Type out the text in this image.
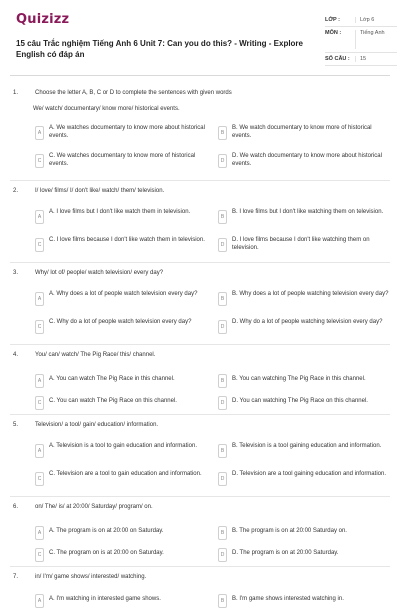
Quizizz
15 câu Trắc nghiệm Tiếng Anh 6 Unit 7: Can you do this? - Writing - Explore English có đáp án
LỚP :	Lớp 6
MÔN :	Tiếng Anh
SỐ CÂU :	15
1.	Choose the letter A, B, C or D to complete the sentences with given words
We/ watch/ documentary/ know more/ historical events.
A
A. We watches documentary to know more about historical events.	B
B. We watch documentary to know more of historical events.
C
C. We watches documentary to know more of historical events.	D
D. We watch documentary to know more about historical events.
2.	I/ love/ films/ I/ don't like/ watch/ them/ television.
A
A. I love films but I don't like watch them in television.
B
B. I love films but I don't like watching them on television.
C
C. I love films because I don't like watch them in television.
D
D. I love films because I don't like watching them on television.
3.	Why/ lot of/ people/ watch television/ every day?
A
A. Why does a lot of people watch television every day?
B
B. Why does a lot of people watching television every day?
C
C. Why do a lot of people watch television every day?
D
D. Why do a lot of people watching television every day?
4.	You/ can/ watch/ The Pig Race/ this/ channel.
A	A. You can watch The Pig Race in this channel.	B	B. You can watching The Pig Race in this channel.
C	C. You can watch The Pig Race on this channel.	D	D. You can watching The Pig Race on this channel.
5.	Television/ a tool/ gain/ education/ information.
A
A. Television is a tool to gain education and information.
B
B. Television is a tool gaining education and information.
C
C. Television are a tool to gain education and information.
D
D. Television are a tool gaining education and information.
6.	on/ The/ is/ at 20:00/ Saturday/ program/ on.
A	A. The program is on at 20:00 on Saturday.	B	B. The program is on at 20:00 Saturday on.
C	C. The program on is at 20:00 on Saturday.	D	D. The program is on at 20:00 Saturday.
7.	in/ I'm/ game shows/ interested/ watching.
A	A. I'm watching in interested game shows.	B	B. I'm game shows interested watching in.
